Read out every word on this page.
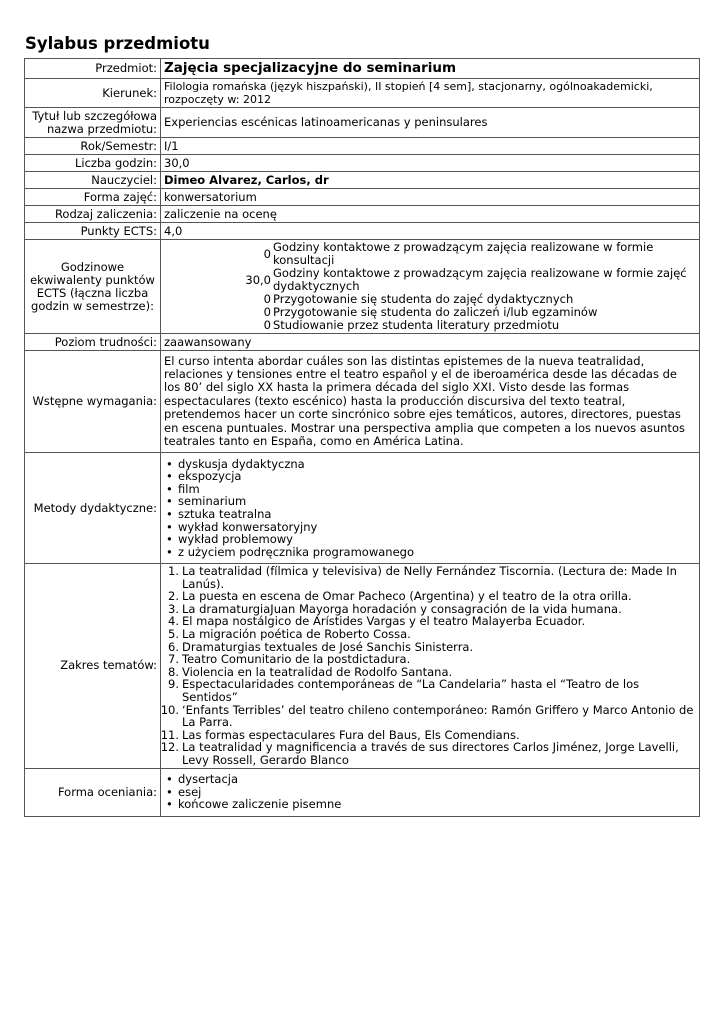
Sylabus przedmiotu
Przedmiot:	Zajęcia specjalizacyjne do seminarium
Kierunek:	Filologia romańska (język hiszpański), II stopień [4 sem], stacjonarny, ogólnoakademicki, rozpoczęty w: 2012
Tytuł lub szczegółowa nazwa przedmiotu:	Experiencias escénicas latinoamericanas y peninsulares
Rok/Semestr:	I/1
Liczba godzin:	30,0
Nauczyciel:	Dimeo Alvarez, Carlos, dr
Forma zajęć:	konwersatorium
Rodzaj zaliczenia:	zaliczenie na ocenę
Punkty ECTS:	4,0
Godzinowe ekwiwalenty punktów ECTS (łączna liczba godzin w semestrze):	
0	Godziny kontaktowe z prowadzącym zajęcia realizowane w formie konsultacji
30,0	Godziny kontaktowe z prowadzącym zajęcia realizowane w formie zajęć dydaktycznych
0	Przygotowanie się studenta do zajęć dydaktycznych
0	Przygotowanie się studenta do zaliczeń i/lub egzaminów
0	Studiowanie przez studenta literatury przedmiotu

Poziom trudności:	zaawansowany
Wstępne wymagania:	El curso intenta abordar cuáles son las distintas epistemes de la nueva teatralidad, relaciones y tensiones entre el teatro español y el de iberoamérica desde las décadas de los 80’ del siglo XX hasta la primera década del siglo XXI. Visto desde las formas espectaculares (texto escénico) hasta la producción discursiva del texto teatral, pretendemos hacer un corte sincrónico sobre ejes temáticos, autores, directores, puestas en escena puntuales. Mostrar una perspectiva amplia que competen a los nuevos asuntos teatrales tanto en España, como en América Latina.
Metody dydaktyczne:	
• dyskusja dydaktyczna
• ekspozycja
• film
• seminarium
• sztuka teatralna
• wykład konwersatoryjny
• wykład problemowy
• z użyciem podręcznika programowanego

Zakres tematów:	
1. La teatralidad (fílmica y televisiva) de Nelly Fernández Tiscornia. (Lectura de: Made In Lanús).
2. La puesta en escena de Omar Pacheco (Argentina) y el teatro de la otra orilla.
3. La dramaturgiaJuan Mayorga horadación y consagración de la vida humana.
4. El mapa nostálgico de Arístides Vargas y el teatro Malayerba Ecuador.
5. La migración poética de Roberto Cossa.
6. Dramaturgias textuales de José Sanchis Sinisterra.
7. Teatro Comunitario de la postdictadura.
8. Violencia en la teatralidad de Rodolfo Santana.
9. Espectacularidades contemporáneas de “La Candelaria” hasta el “Teatro de los Sentidos”
10. ‘Enfants Terribles’ del teatro chileno contemporáneo: Ramón Griffero y Marco Antonio de La Parra.
11. Las formas espectaculares Fura del Baus, Els Comendians.
12. La teatralidad y magnificencia a través de sus directores Carlos Jiménez, Jorge Lavelli, Levy Rossell, Gerardo Blanco

Forma oceniania:	
• dysertacja
• esej
• końcowe zaliczenie pisemne
